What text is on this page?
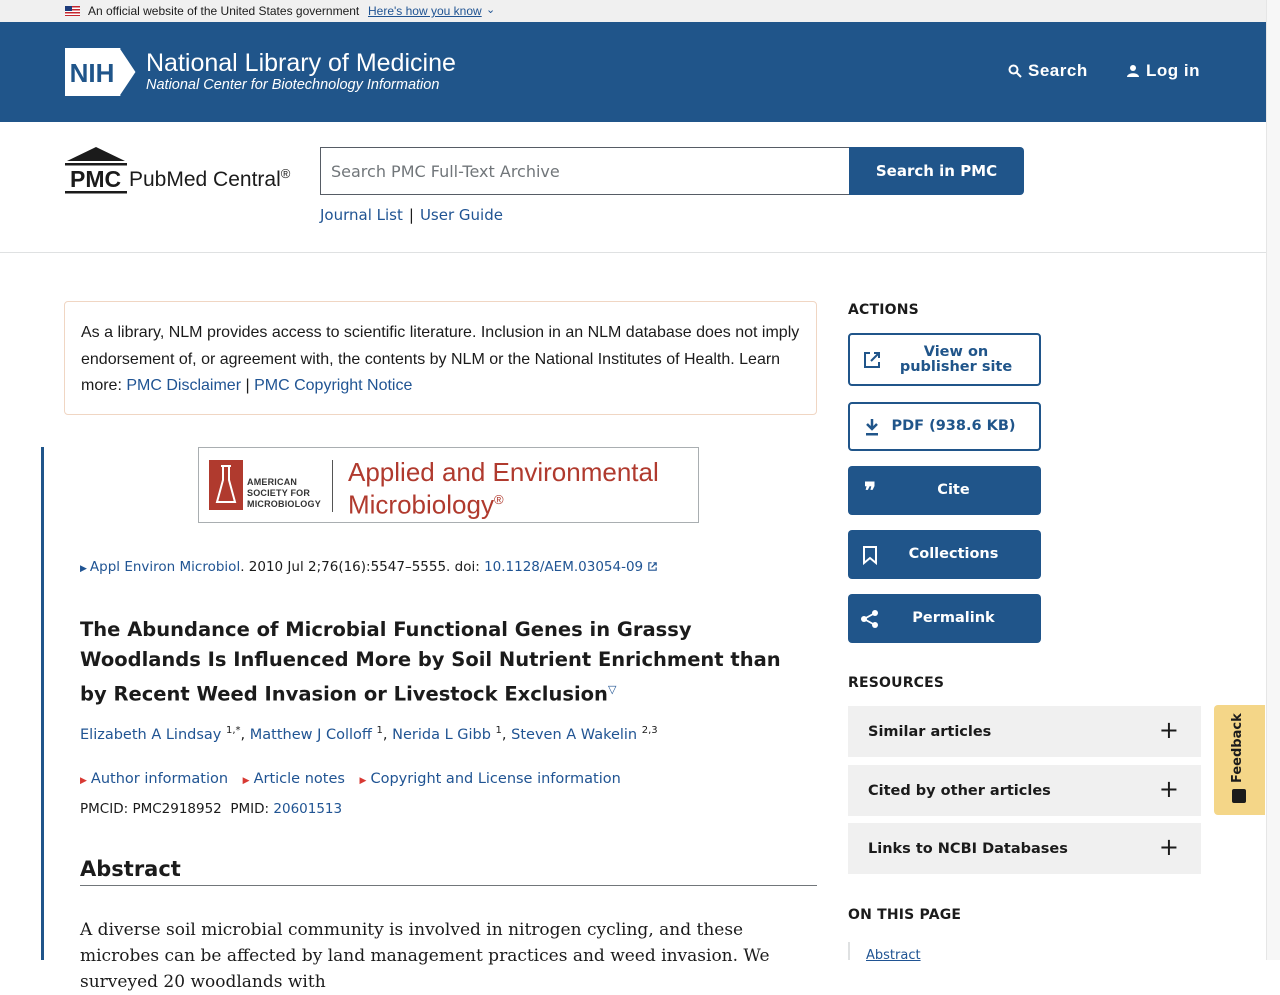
An official website of the United States government Here's how you know ⌄
NIH National Library of Medicine
National Center for Biotechnology Information
Search	Log in
PMC PubMed Central®
Search PMC Full-Text Archive	Search in PMC
Journal List | User Guide
As a library, NLM provides access to scientific literature. Inclusion in an NLM database does not imply endorsement of, or agreement with, the contents by NLM or the National Institutes of Health. Learn more: PMC Disclaimer | PMC Copyright Notice
AMERICAN
SOCIETY FOR
MICROBIOLOGY
Applied and Environmental
Microbiology®
▶ Appl Environ Microbiol. 2010 Jul 2;76(16):5547–5555. doi: 10.1128/AEM.03054-09
The Abundance of Microbial Functional Genes in Grassy Woodlands Is Influenced More by Soil Nutrient Enrichment than by Recent Weed Invasion or Livestock Exclusion▽
Elizabeth A Lindsay $^{1,*}$, Matthew J Colloff $^1$, Nerida L Gibb $^1$, Steven A Wakelin $^{2,3}$
▶ Author information ▶ Article notes ▶ Copyright and License information
PMCID: PMC2918952 PMID: 20601513
Abstract

A diverse soil microbial community is involved in nitrogen cycling, and these microbes can be affected by land management practices and weed invasion. We surveyed 20 woodlands with

ACTIONS
View on publisher site
PDF (938.6 KB)
❞	Cite
Collections
Permalink
RESOURCES
Similar articles	+
Cited by other articles	+
Links to NCBI Databases	+
ON THIS PAGE
Abstract
Feedback
